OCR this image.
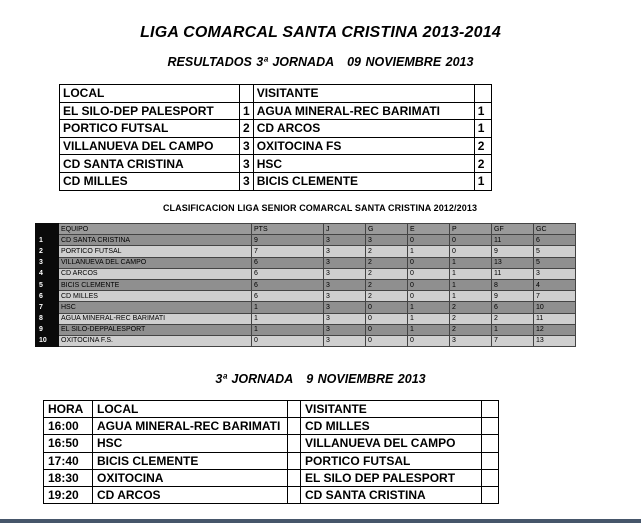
LIGA COMARCAL SANTA CRISTINA 2013-2014
RESULTADOS 3ª JORNADA   09 NOVIEMBRE 2013
LOCAL		VISITANTE	
EL SILO-DEP PALESPORT	1	AGUA MINERAL-REC BARIMATI	1
PORTICO FUTSAL	2	CD ARCOS	1
VILLANUEVA DEL CAMPO	3	OXITOCINA FS	2
CD SANTA CRISTINA	3	HSC	2
CD MILLES	3	BICIS CLEMENTE	1
CLASIFICACION LIGA SENIOR COMARCAL SANTA CRISTINA 2012/2013
	EQUIPO	PTS	J	G	E	P	GF	GC
1	CD SANTA CRISTINA	9	3	3	0	0	11	6
2	PORTICO FUTSAL	7	3	2	1	0	9	5
3	VILLANUEVA DEL CAMPO	6	3	2	0	1	13	5
4	CD ARCOS	6	3	2	0	1	11	3
5	BICIS CLEMENTE	6	3	2	0	1	8	4
6	CD MILLES	6	3	2	0	1	9	7
7	HSC	1	3	0	1	2	6	10
8	AGUA MINERAL-REC BARIMATI	1	3	0	1	2	2	11
9	EL SILO-DEPPALESPORT	1	3	0	1	2	1	12
10	OXITOCINA F.S.	0	3	0	0	3	7	13
3ª JORNADA   9 NOVIEMBRE 2013
HORA	LOCAL		VISITANTE	
16:00	AGUA MINERAL-REC BARIMATI		CD MILLES	
16:50	HSC		VILLANUEVA DEL CAMPO	
17:40	BICIS CLEMENTE		PORTICO FUTSAL	
18:30	OXITOCINA		EL SILO DEP PALESPORT	
19:20	CD ARCOS		CD SANTA CRISTINA	
